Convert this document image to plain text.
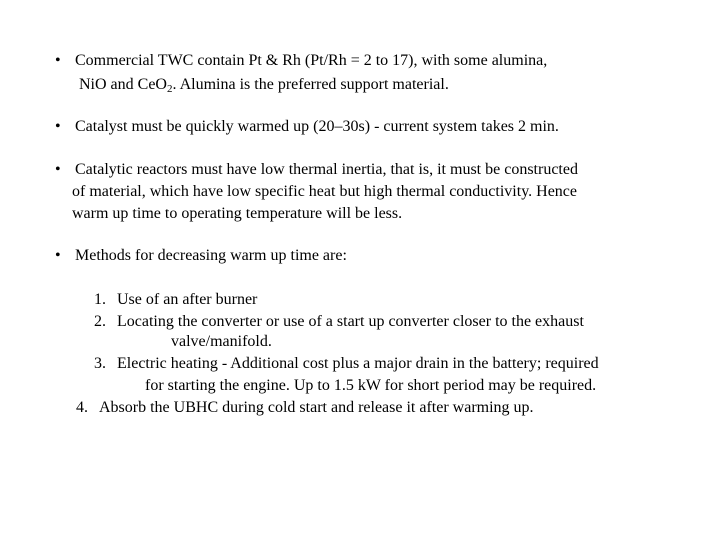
• Commercial TWC contain Pt & Rh (Pt/Rh = 2 to 17), with some alumina,
NiO and CeO$_2$. Alumina is the preferred support material.
• Catalyst must be quickly warmed up (20–30s) - current system takes 2 min.
• Catalytic reactors must have low thermal inertia, that is, it must be constructed
of material, which have low specific heat but high thermal conductivity. Hence
warm up time to operating temperature will be less.
• Methods for decreasing warm up time are:
1. Use of an after burner
2. Locating the converter or use of a start up converter closer to the exhaust
valve/manifold.
3. Electric heating - Additional cost plus a major drain in the battery; required
for starting the engine. Up to 1.5 kW for short period may be required.
4. Absorb the UBHC during cold start and release it after warming up.
